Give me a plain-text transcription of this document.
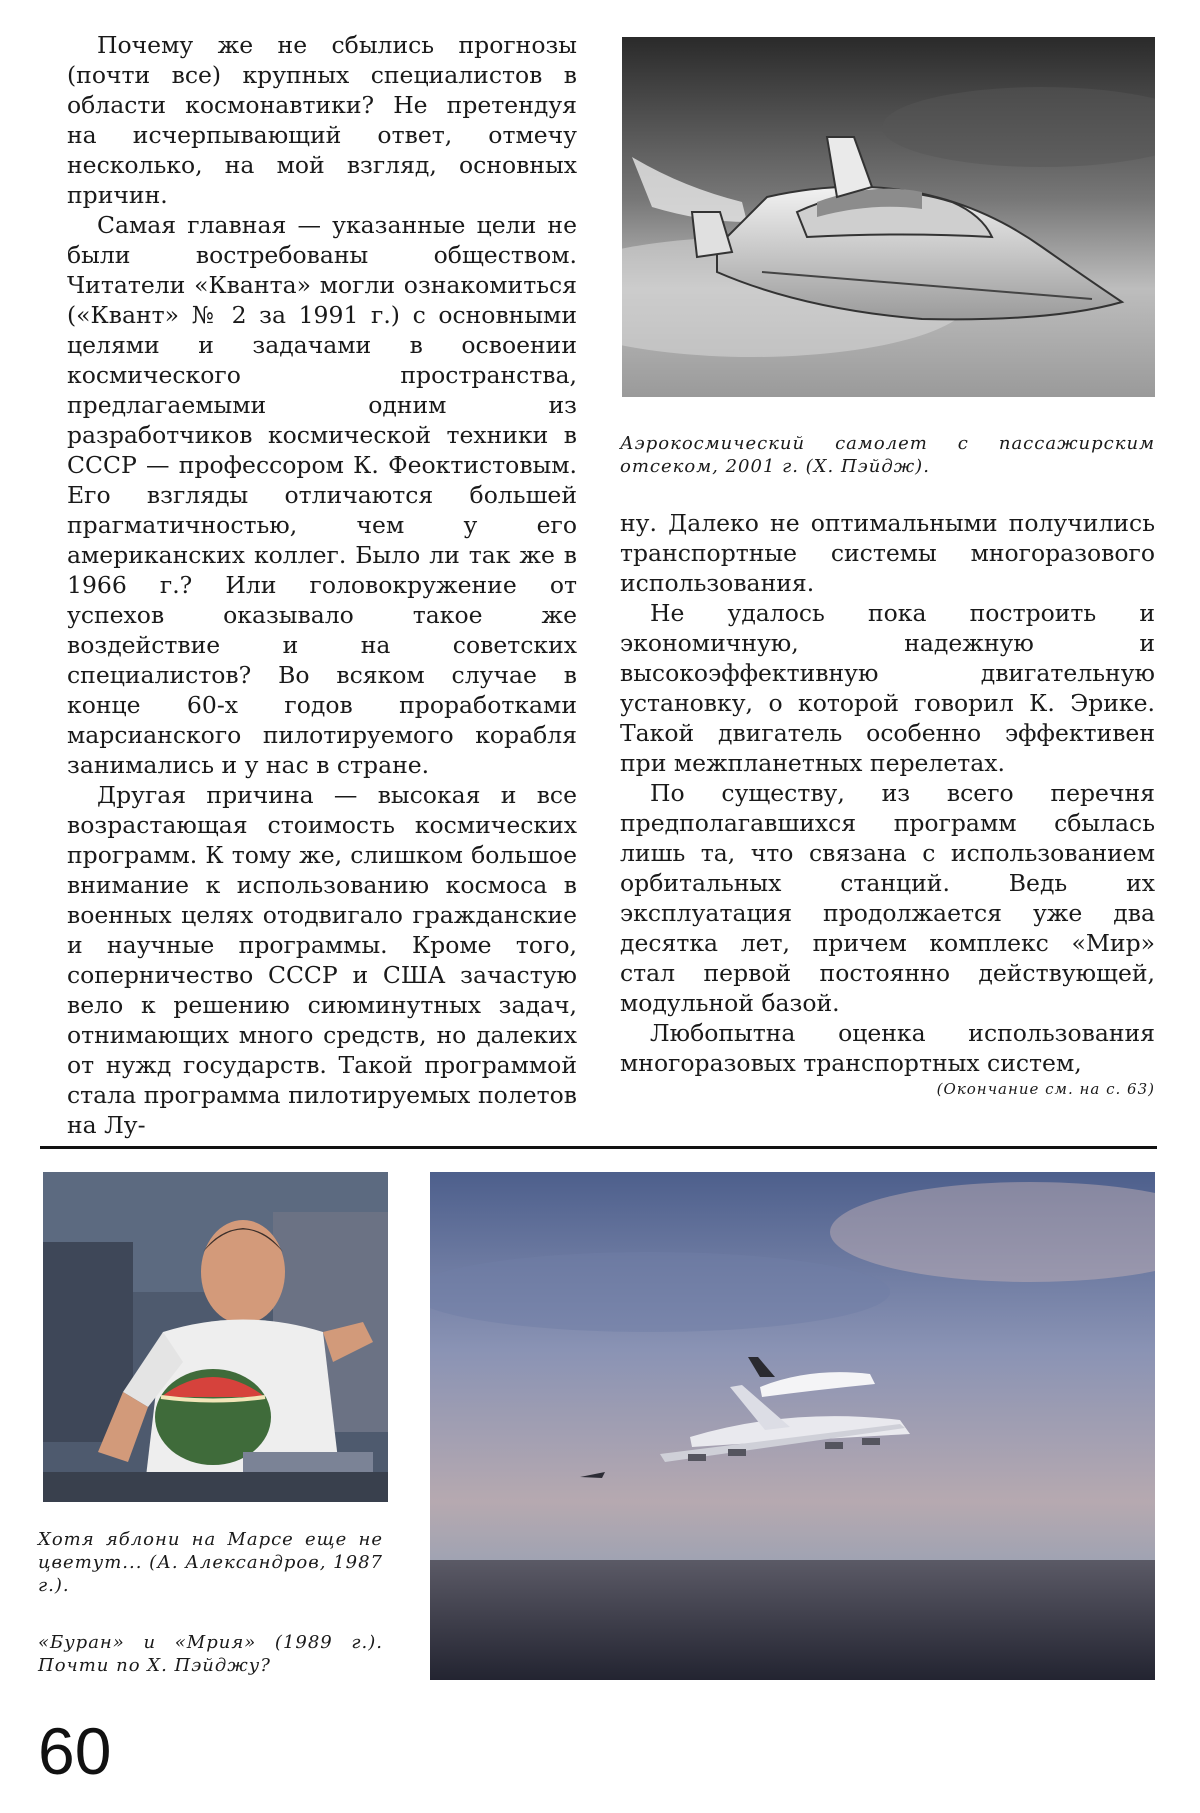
Почему же не сбылись прогнозы (почти все) крупных специалистов в области космонавтики? Не претендуя на исчерпывающий ответ, отмечу несколько, на мой взгляд, основных причин.

Самая главная — указанные цели не были востребованы обществом. Читатели «Кванта» могли ознакомиться («Квант» № 2 за 1991 г.) с основными целями и задачами в освоении космического пространства, предлагаемыми одним из разработчиков космической техники в СССР — профессором К. Феоктистовым. Его взгляды отличаются большей прагматичностью, чем у его американских коллег. Было ли так же в 1966 г.? Или головокружение от успехов оказывало такое же воздействие и на советских специалистов? Во всяком случае в конце 60-х годов проработками марсианского пилотируемого корабля занимались и у нас в стране.

Другая причина — высокая и все возрастающая стоимость космических программ. К тому же, слишком большое внимание к использованию космоса в военных целях отодвигало гражданские и научные программы. Кроме того, соперничество СССР и США зачастую вело к решению сиюминутных задач, отнимающих много средств, но далеких от нужд государств. Такой программой стала программа пилотируемых полетов на Лу-

Аэрокосмический самолет с пассажирским отсеком, 2001 г. (Х. Пэйдж).

ну. Далеко не оптимальными получились транспортные системы многоразового использования.

Не удалось пока построить и экономичную, надежную и высокоэффективную двигательную установку, о которой говорил К. Эрике. Такой двигатель особенно эффективен при межпланетных перелетах.

По существу, из всего перечня предполагавшихся программ сбылась лишь та, что связана с использованием орбитальных станций. Ведь их эксплуатация продолжается уже два десятка лет, причем комплекс «Мир» стал первой постоянно действующей, модульной базой.

Любопытна оценка использования многоразовых транспортных систем,

(Окончание см. на с. 63)
Хотя яблони на Марсе еще не цветут... (А. Александров, 1987 г.).
«Буран» и «Мрия» (1989 г.). Почти по Х. Пэйджу?
60
